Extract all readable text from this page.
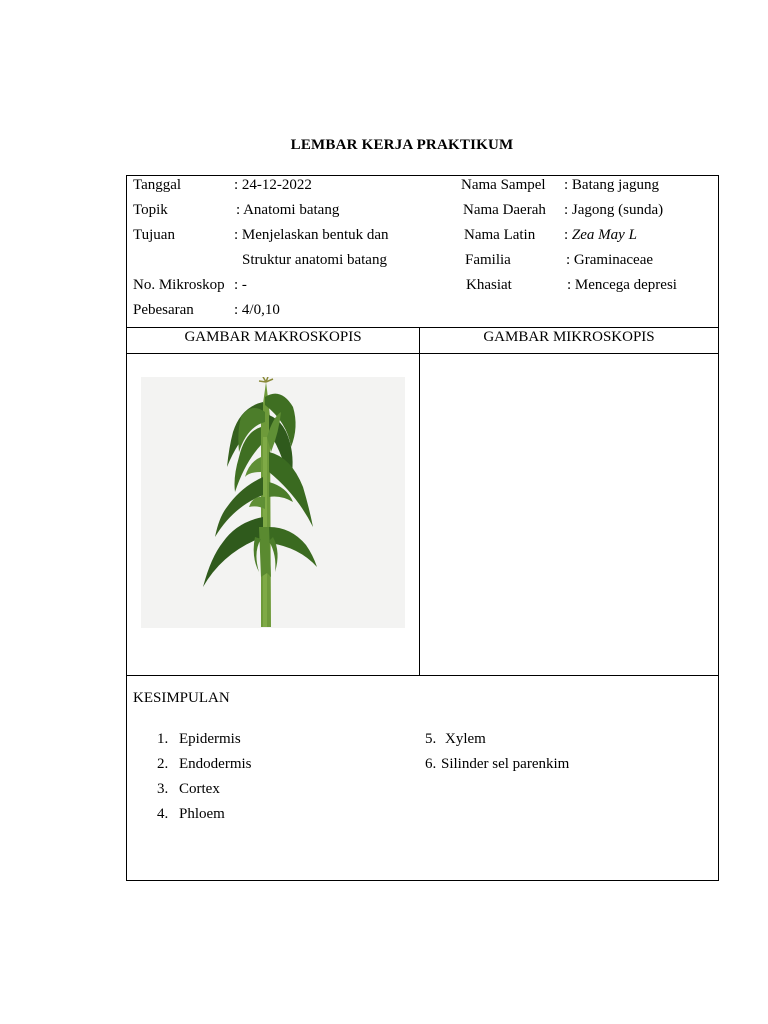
LEMBAR KERJA PRAKTIKUM
Tanggal	: 24-12-2022
Topik	: Anatomi batang
Tujuan	: Menjelaskan bentuk dan
Struktur anatomi batang
No. Mikroskop : -
Pebesaran	: 4/0,10
Nama Sampel : Batang jagung
Nama Daerah : Jagong (sunda)
Nama Latin : Zea May L
Familia	: Graminaceae
Khasiat	: Mencega depresi
GAMBAR MAKROSKOPIS	GAMBAR MIKROSKOPIS
KESIMPULAN
1. Epidermis
2. Endodermis
3. Cortex
4. Phloem
5. Xylem
6. Silinder sel parenkim
